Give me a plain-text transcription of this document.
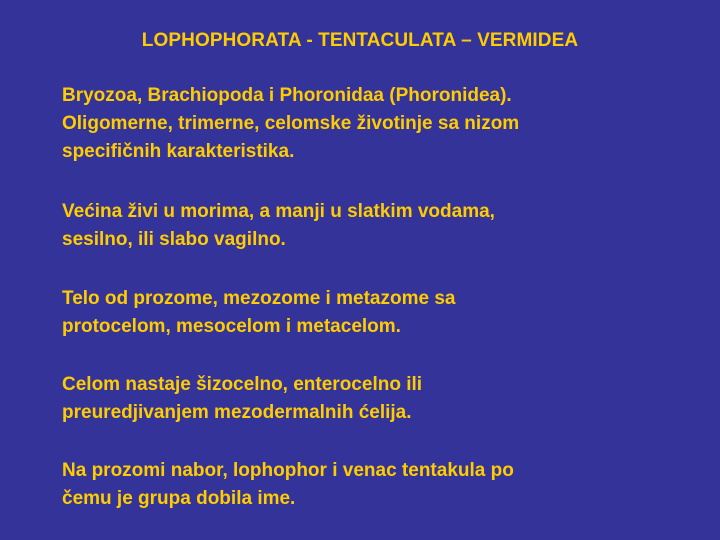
LOPHOPHORATA - TENTACULATA – VERMIDEA

Bryozoa, Brachiopoda i Phoronidaa (Phoronidea).

Oligomerne, trimerne, celomske životinje sa nizom

specifičnih karakteristika.

Većina živi u morima, a manji u slatkim vodama,

sesilno, ili slabo vagilno.

Telo od prozome, mezozome i metazome sa

protocelom, mesocelom i metacelom.

Celom nastaje šizocelno, enterocelno ili

preuredjivanjem mezodermalnih ćelija.

Na prozomi nabor, lophophor i venac tentakula po

čemu je grupa dobila ime.
